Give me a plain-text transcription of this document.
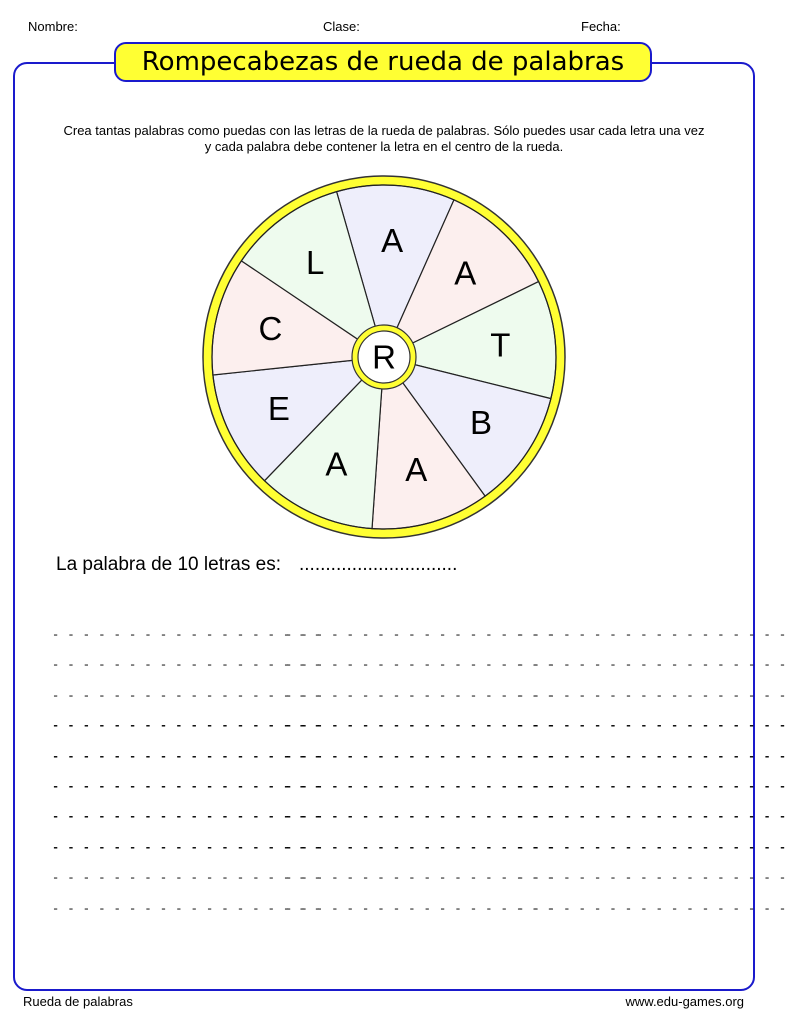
Nombre:	Clase:	Fecha:
Rompecabezas de rueda de palabras
Crea tantas palabras como puedas con las letras de la rueda de palabras. Sólo puedes usar cada letra una vez
y cada palabra debe contener la letra en el centro de la rueda.
A
A
T
B
A
A
E
C
L
R
La palabra de 10 letras es: ..............................
- - - - - - - - - - - - - - - - - -
- - - - - - - - - - - - - - - - - -
- - - - - - - - - - - - - - - - - -
- - - - - - - - - - - - - - - - - -
- - - - - - - - - - - - - - - - - -
- - - - - - - - - - - - - - - - - -
- - - - - - - - - - - - - - - - - -
- - - - - - - - - - - - - - - - - -
- - - - - - - - - - - - - - - - - -
- - - - - - - - - - - - - - - - - -
- - - - - - - - - - - - - - - - - -
- - - - - - - - - - - - - - - - - -
- - - - - - - - - - - - - - - - - -
- - - - - - - - - - - - - - - - - -
- - - - - - - - - - - - - - - - - -
- - - - - - - - - - - - - - - - - -
- - - - - - - - - - - - - - - - - -
- - - - - - - - - - - - - - - - - -
- - - - - - - - - - - - - - - - - -
- - - - - - - - - - - - - - - - - -
- - - - - - - - - - - - - - - - - -
- - - - - - - - - - - - - - - - - -
- - - - - - - - - - - - - - - - - -
- - - - - - - - - - - - - - - - - -
- - - - - - - - - - - - - - - - - -
- - - - - - - - - - - - - - - - - -
- - - - - - - - - - - - - - - - - -
- - - - - - - - - - - - - - - - - -
- - - - - - - - - - - - - - - - - -
- - - - - - - - - - - - - - - - - -
Rueda de palabras	www.edu-games.org
